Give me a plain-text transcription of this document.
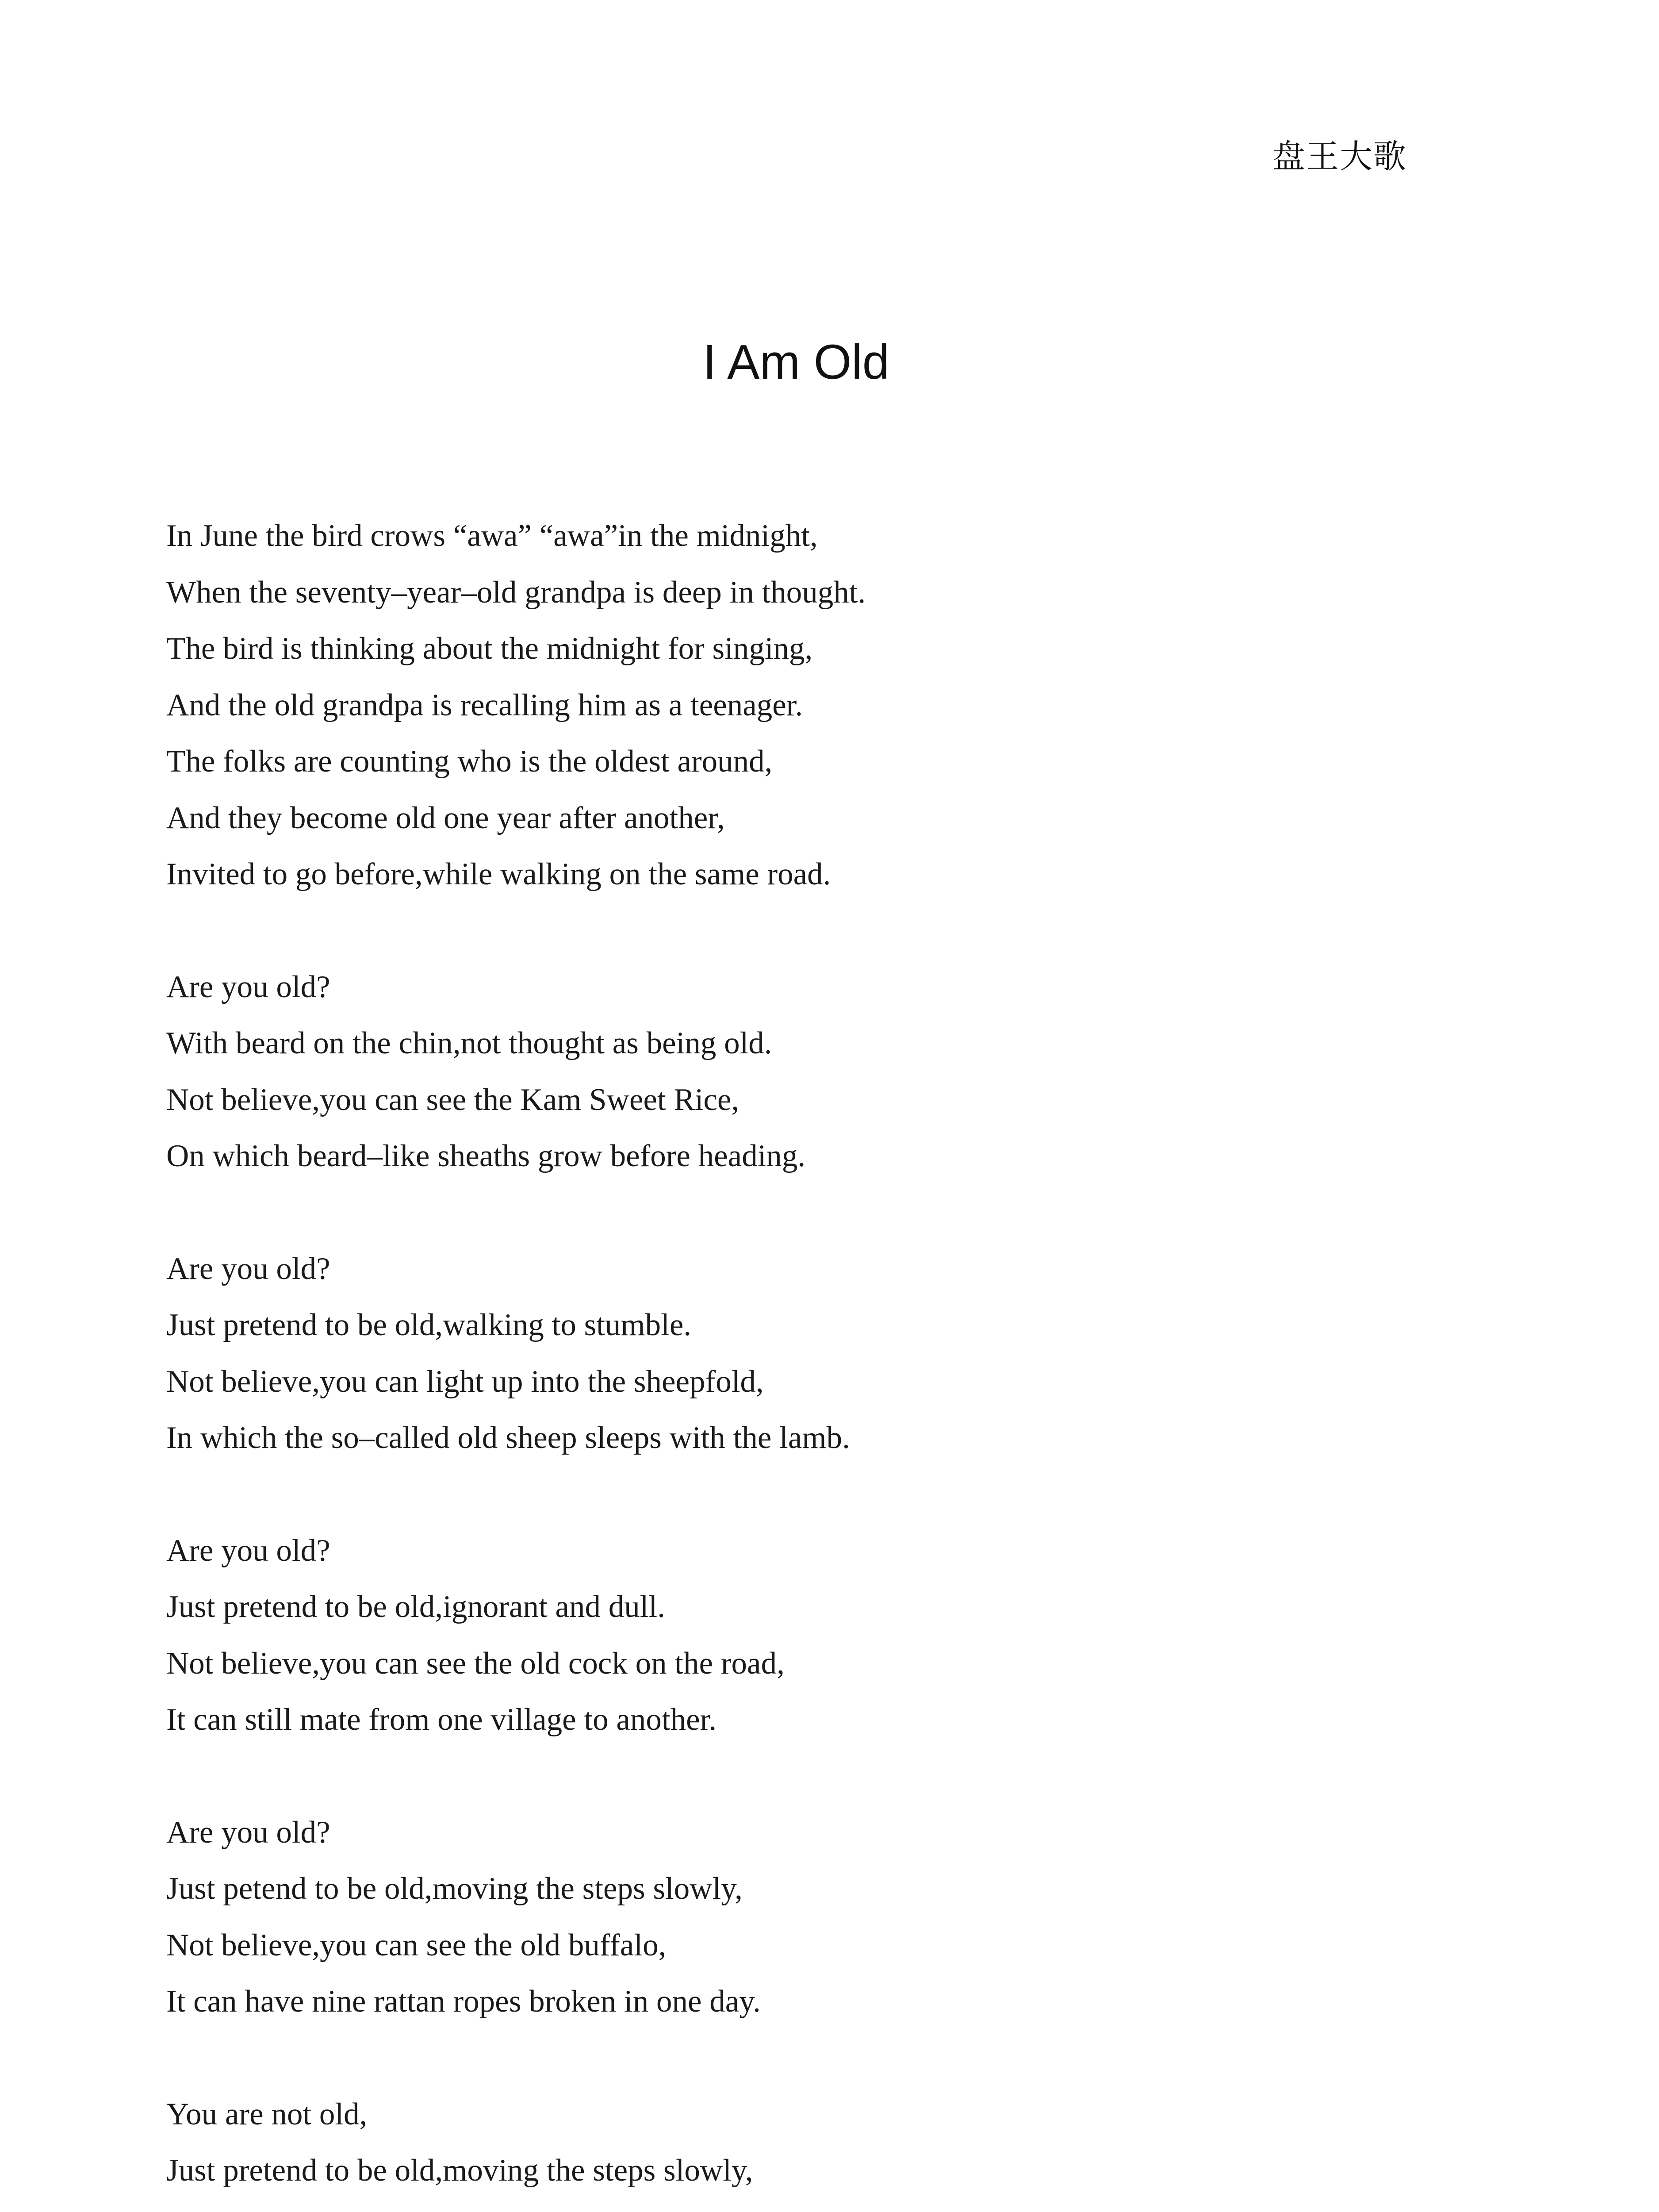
盘王大歌
I Am Old
In June the bird crows “awa” “awa”in the midnight,
When the seventy–year–old grandpa is deep in thought.
The bird is thinking about the midnight for singing,
And the old grandpa is recalling him as a teenager.
The folks are counting who is the oldest around,
And they become old one year after another,
Invited to go before,while walking on the same road.
Are you old?
With beard on the chin,not thought as being old.
Not believe,you can see the Kam Sweet Rice,
On which beard–like sheaths grow before heading.
Are you old?
Just pretend to be old,walking to stumble.
Not believe,you can light up into the sheepfold,
In which the so–called old sheep sleeps with the lamb.
Are you old?
Just pretend to be old,ignorant and dull.
Not believe,you can see the old cock on the road,
It can still mate from one village to another.
Are you old?
Just petend to be old,moving the steps slowly,
Not believe,you can see the old buffalo,
It can have nine rattan ropes broken in one day.
You are not old,
Just pretend to be old,moving the steps slowly,
